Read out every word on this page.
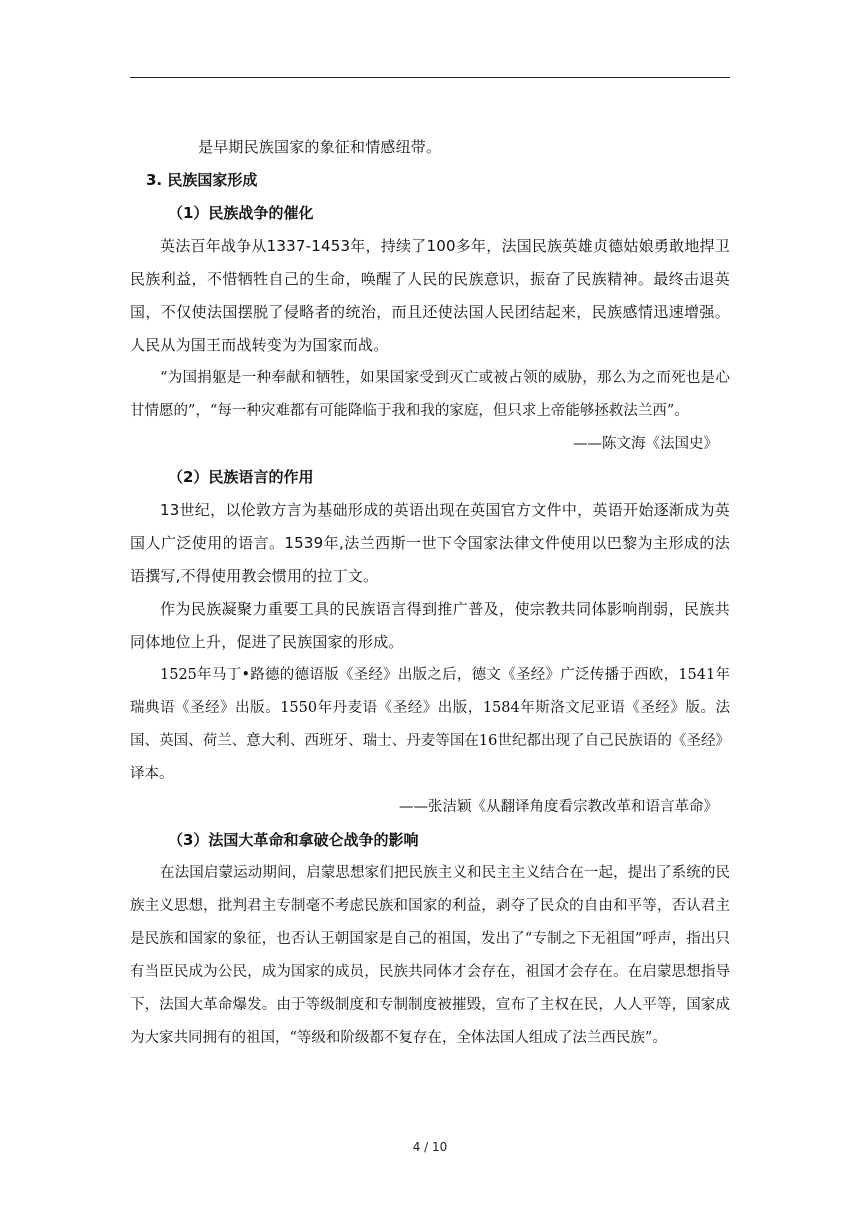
是早期民族国家的象征和情感纽带。

3. 民族国家形成

（1）民族战争的催化

英法百年战争从1337-1453年，持续了100多年，法国民族英雄贞德姑娘勇敢地捍卫民族利益，不惜牺牲自己的生命，唤醒了人民的民族意识，振奋了民族精神。最终击退英国，不仅使法国摆脱了侵略者的统治，而且还使法国人民团结起来，民族感情迅速增强。人民从为国王而战转变为为国家而战。

“为国捐躯是一种奉献和牺牲，如果国家受到灭亡或被占领的威胁，那么为之而死也是心甘情愿的”，“每一种灾难都有可能降临于我和我的家庭，但只求上帝能够拯救法兰西”。

——陈文海《法国史》

（2）民族语言的作用

13世纪，以伦敦方言为基础形成的英语出现在英国官方文件中，英语开始逐渐成为英国人广泛使用的语言。1539年,法兰西斯一世下令国家法律文件使用以巴黎为主形成的法语撰写,不得使用教会惯用的拉丁文。

作为民族凝聚力重要工具的民族语言得到推广普及，使宗教共同体影响削弱，民族共同体地位上升，促进了民族国家的形成。

1525年马丁•路德的德语版《圣经》出版之后，德文《圣经》广泛传播于西欧，1541年瑞典语《圣经》出版。1550年丹麦语《圣经》出版，1584年斯洛文尼亚语《圣经》版。法国、英国、荷兰、意大利、西班牙、瑞士、丹麦等国在16世纪都出现了自己民族语的《圣经》译本。

——张洁颖《从翻译角度看宗教改革和语言革命》

（3）法国大革命和拿破仑战争的影响

在法国启蒙运动期间，启蒙思想家们把民族主义和民主主义结合在一起，提出了系统的民族主义思想，批判君主专制毫不考虑民族和国家的利益，剥夺了民众的自由和平等，否认君主是民族和国家的象征，也否认王朝国家是自己的祖国，发出了“专制之下无祖国”呼声，指出只有当臣民成为公民，成为国家的成员，民族共同体才会存在，祖国才会存在。在启蒙思想指导下，法国大革命爆发。由于等级制度和专制制度被摧毁，宣布了主权在民，人人平等，国家成为大家共同拥有的祖国，“等级和阶级都不复存在，全体法国人组成了法兰西民族”。

4 / 10
